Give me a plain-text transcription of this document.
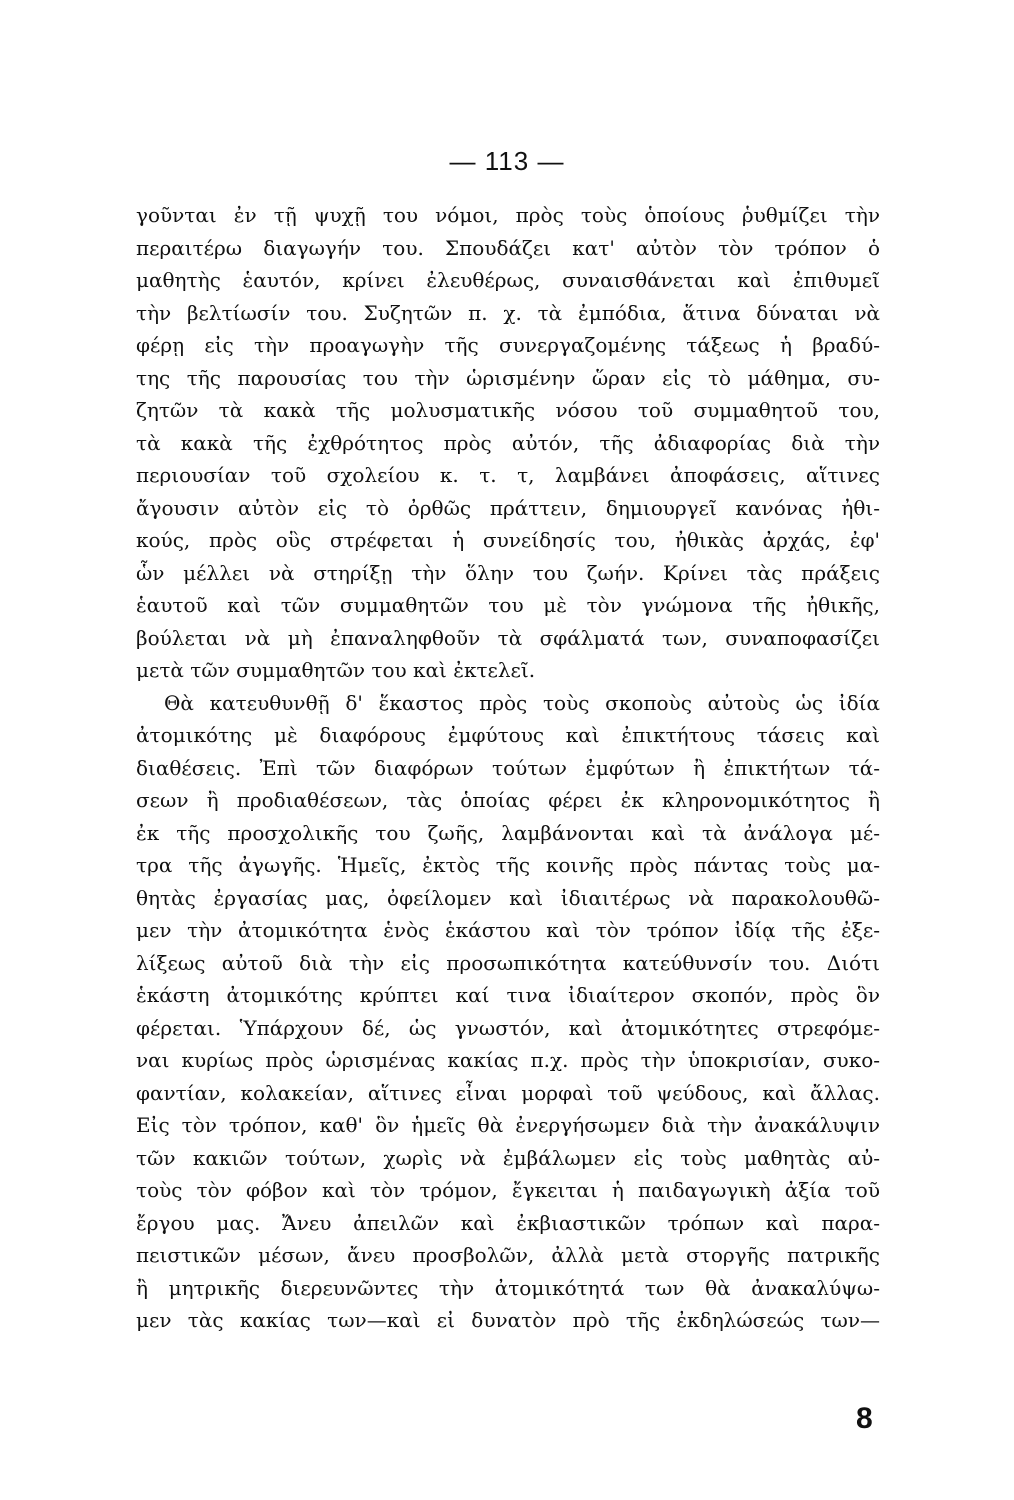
— 113 —
γοῦνται ἐν τῇ ψυχῇ του νόμοι, πρὸς τοὺς ὁποίους ῥυθμίζει τὴν
περαιτέρω διαγωγήν του. Σπουδάζει κατ' αὐτὸν τὸν τρόπον ὁ
μαθητὴς ἑαυτόν, κρίνει ἐλευθέρως, συναισθάνεται καὶ ἐπιθυμεῖ
τὴν βελτίωσίν του. Συζητῶν π. χ. τὰ ἐμπόδια, ἅτινα δύναται νὰ
φέρῃ εἰς τὴν προαγωγὴν τῆς συνεργαζομένης τάξεως ἡ βραδύ-
της τῆς παρουσίας του τὴν ὡρισμένην ὥραν εἰς τὸ μάθημα, συ-
ζητῶν τὰ κακὰ τῆς μολυσματικῆς νόσου τοῦ συμμαθητοῦ του,
τὰ κακὰ τῆς ἐχθρότητος πρὸς αὐτόν, τῆς ἀδιαφορίας διὰ τὴν
περιουσίαν τοῦ σχολείου κ. τ. τ, λαμβάνει ἀποφάσεις, αἵτινες
ἄγουσιν αὐτὸν εἰς τὸ ὀρθῶς πράττειν, δημιουργεῖ κανόνας ἠθι-
κούς, πρὸς οὓς στρέφεται ἡ συνείδησίς του, ἠθικὰς ἀρχάς, ἐφ'
ὧν μέλλει νὰ στηρίξῃ τὴν ὅλην του ζωήν. Κρίνει τὰς πράξεις
ἑαυτοῦ καὶ τῶν συμμαθητῶν του μὲ τὸν γνώμονα τῆς ἠθικῆς,
βούλεται νὰ μὴ ἐπαναληφθοῦν τὰ σφάλματά των, συναποφασίζει
μετὰ τῶν συμμαθητῶν του καὶ ἐκτελεῖ.
Θὰ κατευθυνθῇ δ' ἕκαστος πρὸς τοὺς σκοποὺς αὐτοὺς ὡς ἰδία
ἀτομικότης μὲ διαφόρους ἐμφύτους καὶ ἐπικτήτους τάσεις καὶ
διαθέσεις. Ἐπὶ τῶν διαφόρων τούτων ἐμφύτων ἢ ἐπικτήτων τά-
σεων ἢ προδιαθέσεων, τὰς ὁποίας φέρει ἐκ κληρονομικότητος ἢ
ἐκ τῆς προσχολικῆς του ζωῆς, λαμβάνονται καὶ τὰ ἀνάλογα μέ-
τρα τῆς ἀγωγῆς. Ἡμεῖς, ἐκτὸς τῆς κοινῆς πρὸς πάντας τοὺς μα-
θητὰς ἐργασίας μας, ὀφείλομεν καὶ ἰδιαιτέρως νὰ παρακολουθῶ-
μεν τὴν ἀτομικότητα ἑνὸς ἑκάστου καὶ τὸν τρόπον ἰδίᾳ τῆς ἐξε-
λίξεως αὐτοῦ διὰ τὴν εἰς προσωπικότητα κατεύθυνσίν του. Διότι
ἑκάστη ἀτομικότης κρύπτει καί τινα ἰδιαίτερον σκοπόν, πρὸς ὃν
φέρεται. Ὑπάρχουν δέ, ὡς γνωστόν, καὶ ἀτομικότητες στρεφόμε-
ναι κυρίως πρὸς ὡρισμένας κακίας π.χ. πρὸς τὴν ὑποκρισίαν, συκο-
φαντίαν, κολακείαν, αἵτινες εἶναι μορφαὶ τοῦ ψεύδους, καὶ ἄλλας.
Εἰς τὸν τρόπον, καθ' ὃν ἡμεῖς θὰ ἐνεργήσωμεν διὰ τὴν ἀνακάλυψιν
τῶν κακιῶν τούτων, χωρὶς νὰ ἐμβάλωμεν εἰς τοὺς μαθητὰς αὐ-
τοὺς τὸν φόβον καὶ τὸν τρόμον, ἔγκειται ἡ παιδαγωγικὴ ἀξία τοῦ
ἔργου μας. Ἄνευ ἀπειλῶν καὶ ἐκβιαστικῶν τρόπων καὶ παρα-
πειστικῶν μέσων, ἄνευ προσβολῶν, ἀλλὰ μετὰ στοργῆς πατρικῆς
ἢ μητρικῆς διερευνῶντες τὴν ἀτομικότητά των θὰ ἀνακαλύψω-
μεν τὰς κακίας των—καὶ εἰ δυνατὸν πρὸ τῆς ἐκδηλώσεώς των—
8
